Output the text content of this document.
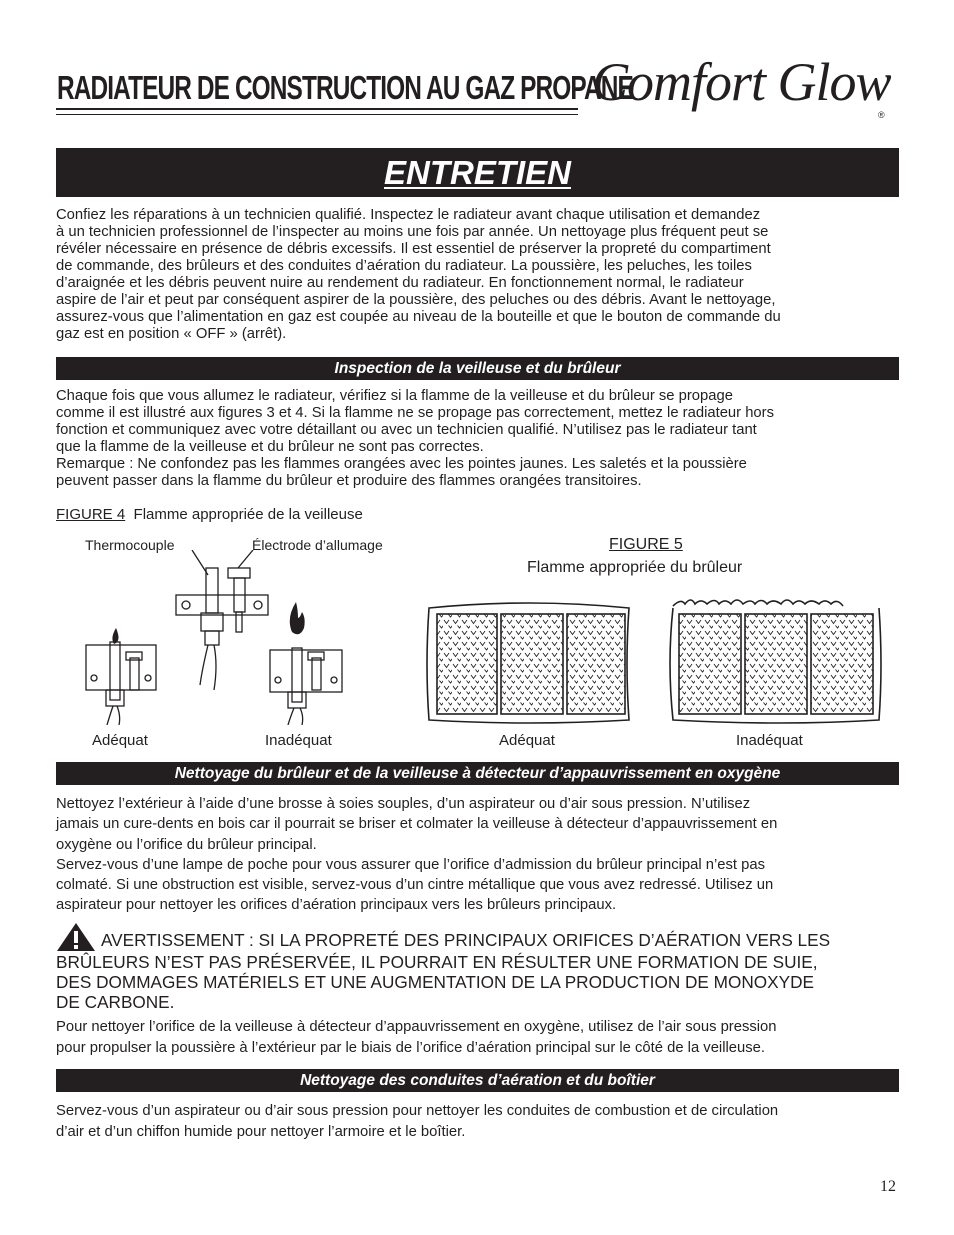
RADIATEUR DE CONSTRUCTION AU GAZ PROPANE
Comfort Glow
®
ENTRETIEN
Confiez les réparations à un technicien qualifié. Inspectez le radiateur avant chaque utilisation et demandez
à un technicien professionnel de l’inspecter au moins une fois par année. Un nettoyage plus fréquent peut se
révéler nécessaire en présence de débris excessifs. Il est essentiel de préserver la propreté du compartiment
de commande, des brûleurs et des conduites d’aération du radiateur. La poussière, les peluches, les toiles
d’araignée et les débris peuvent nuire au rendement du radiateur. En fonctionnement normal, le radiateur
aspire de l’air et peut par conséquent aspirer de la poussière, des peluches ou des débris. Avant le nettoyage,
assurez-vous que l’alimentation en gaz est coupée au niveau de la bouteille et que le bouton de commande du
gaz est en position « OFF » (arrêt).
Inspection de la veilleuse et du brûleur
Chaque fois que vous allumez le radiateur, vérifiez si la flamme de la veilleuse et du brûleur se propage
comme il est illustré aux figures 3 et 4. Si la flamme ne se propage pas correctement, mettez le radiateur hors
fonction et communiquez avec votre détaillant ou avec un technicien qualifié. N’utilisez pas le radiateur tant
que la flamme de la veilleuse et du brûleur ne sont pas correctes.
Remarque : Ne confondez pas les flammes orangées avec les pointes jaunes. Les saletés et la poussière
peuvent passer dans la flamme du brûleur et produire des flammes orangées transitoires.
FIGURE 4 Flamme appropriée de la veilleuse
Thermocouple	Électrode d’allumage
Adéquat	Inadéquat
FIGURE 5
Flamme appropriée du brûleur
Adéquat	Inadéquat
Nettoyage du brûleur et de la veilleuse à détecteur d’appauvrissement en oxygène
Nettoyez l’extérieur à l’aide d’une brosse à soies souples, d’un aspirateur ou d’air sous pression. N’utilisez
jamais un cure-dents en bois car il pourrait se briser et colmater la veilleuse à détecteur d’appauvrissement en
oxygène ou l’orifice du brûleur principal.
Servez-vous d’une lampe de poche pour vous assurer que l’orifice d’admission du brûleur principal n’est pas
colmaté. Si une obstruction est visible, servez-vous d’un cintre métallique que vous avez redressé. Utilisez un
aspirateur pour nettoyer les orifices d’aération principaux vers les brûleurs principaux.
AVERTISSEMENT : SI LA PROPRETÉ DES PRINCIPAUX ORIFICES D’AÉRATION VERS LES
BRÛLEURS N’EST PAS PRÉSERVÉE, IL POURRAIT EN RÉSULTER UNE FORMATION DE SUIE,
DES DOMMAGES MATÉRIELS ET UNE AUGMENTATION DE LA PRODUCTION DE MONOXYDE
DE CARBONE.
Pour nettoyer l’orifice de la veilleuse à détecteur d’appauvrissement en oxygène, utilisez de l’air sous pression
pour propulser la poussière à l’extérieur par le biais de l’orifice d’aération principal sur le côté de la veilleuse.
Nettoyage des conduites d’aération et du boîtier
Servez-vous d’un aspirateur ou d’air sous pression pour nettoyer les conduites de combustion et de circulation
d’air et d’un chiffon humide pour nettoyer l’armoire et le boîtier.
12
